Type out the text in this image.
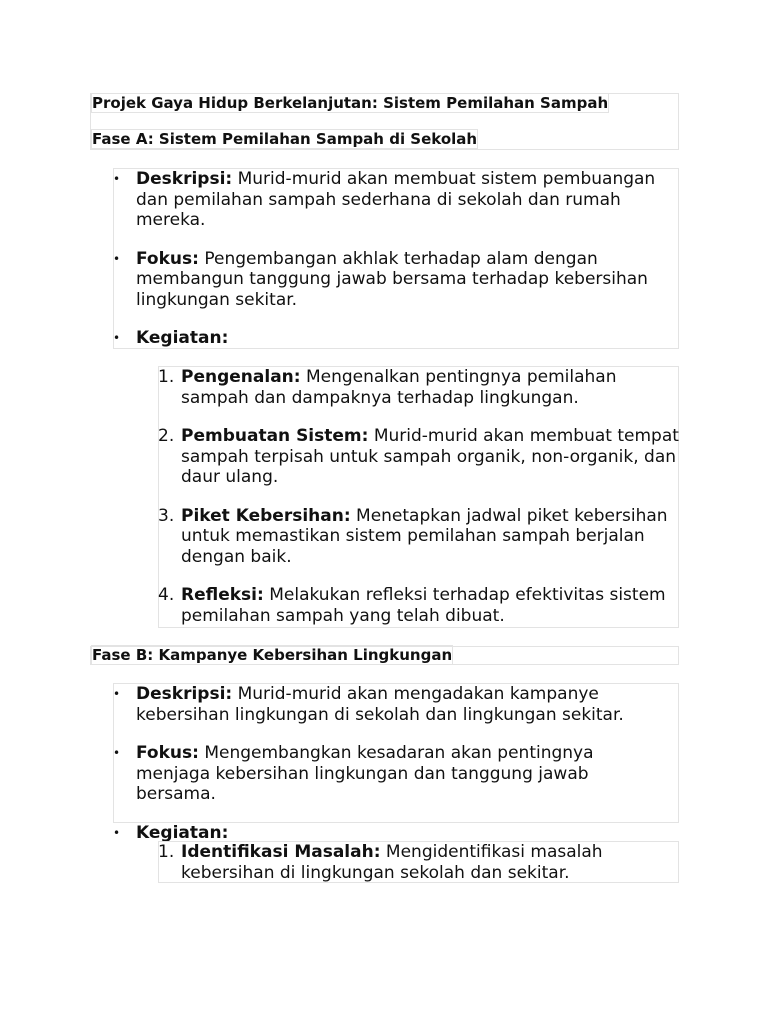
Projek Gaya Hidup Berkelanjutan: Sistem Pemilahan Sampah
Fase A: Sistem Pemilahan Sampah di Sekolah
• Deskripsi: Murid-murid akan membuat sistem pembuangan dan pemilahan sampah sederhana di sekolah dan rumah mereka.
• Fokus: Pengembangan akhlak terhadap alam dengan membangun tanggung jawab bersama terhadap kebersihan lingkungan sekitar.
• Kegiatan:
1. Pengenalan: Mengenalkan pentingnya pemilahan sampah dan dampaknya terhadap lingkungan.
2. Pembuatan Sistem: Murid-murid akan membuat tempat sampah terpisah untuk sampah organik, non-organik, dan daur ulang.
3. Piket Kebersihan: Menetapkan jadwal piket kebersihan untuk memastikan sistem pemilahan sampah berjalan dengan baik.
4. Refleksi: Melakukan refleksi terhadap efektivitas sistem pemilahan sampah yang telah dibuat.
Fase B: Kampanye Kebersihan Lingkungan
• Deskripsi: Murid-murid akan mengadakan kampanye kebersihan lingkungan di sekolah dan lingkungan sekitar.
• Fokus: Mengembangkan kesadaran akan pentingnya menjaga kebersihan lingkungan dan tanggung jawab bersama.
• Kegiatan:
1. Identifikasi Masalah: Mengidentifikasi masalah kebersihan di lingkungan sekolah dan sekitar.
